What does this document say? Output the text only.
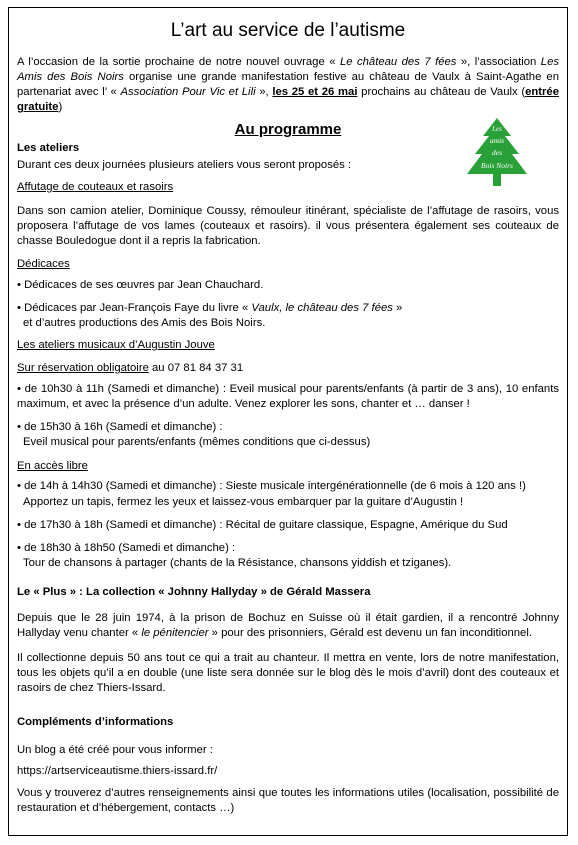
L’art au service de l’autisme
A l’occasion de la sortie prochaine de notre nouvel ouvrage « Le château des 7 fées », l’association Les Amis des Bois Noirs organise une grande manifestation festive au château de Vaulx à Saint-Agathe en partenariat avec l’ « Association Pour Vic et Lili », les 25 et 26 mai prochains au château de Vaulx (entrée gratuite)
Au programme	Les
amis
des
Bois Noirs
Les ateliers
Durant ces deux journées plusieurs ateliers vous seront proposés :
Affutage de couteaux et rasoirs
Dans son camion atelier, Dominique Coussy, rémouleur itinérant, spécialiste de l’affutage de rasoirs, vous proposera l’affutage de vos lames (couteaux et rasoirs). il vous présentera également ses couteaux de chasse Bouledogue dont il a repris la fabrication.
Dédicaces
• Dédicaces de ses œuvres par Jean Chauchard.
• Dédicaces par Jean-François Faye du livre « Vaulx, le château des 7 fées »
et d’autres productions des Amis des Bois Noirs.
Les ateliers musicaux d’Augustin Jouve
Sur réservation obligatoire au 07 81 84 37 31
• de 10h30 à 11h (Samedi et dimanche) : Eveil musical pour parents/enfants (à partir de 3 ans), 10 enfants maximum, et avec la présence d’un adulte. Venez explorer les sons, chanter et … danser !
• de 15h30 à 16h (Samedi et dimanche) :
Eveil musical pour parents/enfants (mêmes conditions que ci-dessus)
En accès libre
• de 14h à 14h30 (Samedi et dimanche) : Sieste musicale intergénérationnelle (de 6 mois à 120 ans !)
Apportez un tapis, fermez les yeux et laissez-vous embarquer par la guitare d’Augustin !
• de 17h30 à 18h (Samedi et dimanche) : Récital de guitare classique, Espagne, Amérique du Sud
• de 18h30 à 18h50 (Samedi et dimanche) :
Tour de chansons à partager (chants de la Résistance, chansons yiddish et tziganes).
Le « Plus » : La collection « Johnny Hallyday » de Gérald Massera
Depuis que le 28 juin 1974, à la prison de Bochuz en Suisse où il était gardien, il a rencontré Johnny Hallyday venu chanter « le pénitencier » pour des prisonniers, Gérald est devenu un fan inconditionnel.
Il collectionne depuis 50 ans tout ce qui a trait au chanteur. Il mettra en vente, lors de notre manifestation, tous les objets qu’il a en double (une liste sera donnée sur le blog dès le mois d’avril) dont des couteaux et rasoirs de chez Thiers-Issard.
Compléments d’informations
Un blog a été créé pour vous informer :
https://artserviceautisme.thiers-issard.fr/
Vous y trouverez d’autres renseignements ainsi que toutes les informations utiles (localisation, possibilité de restauration et d’hébergement, contacts …)
